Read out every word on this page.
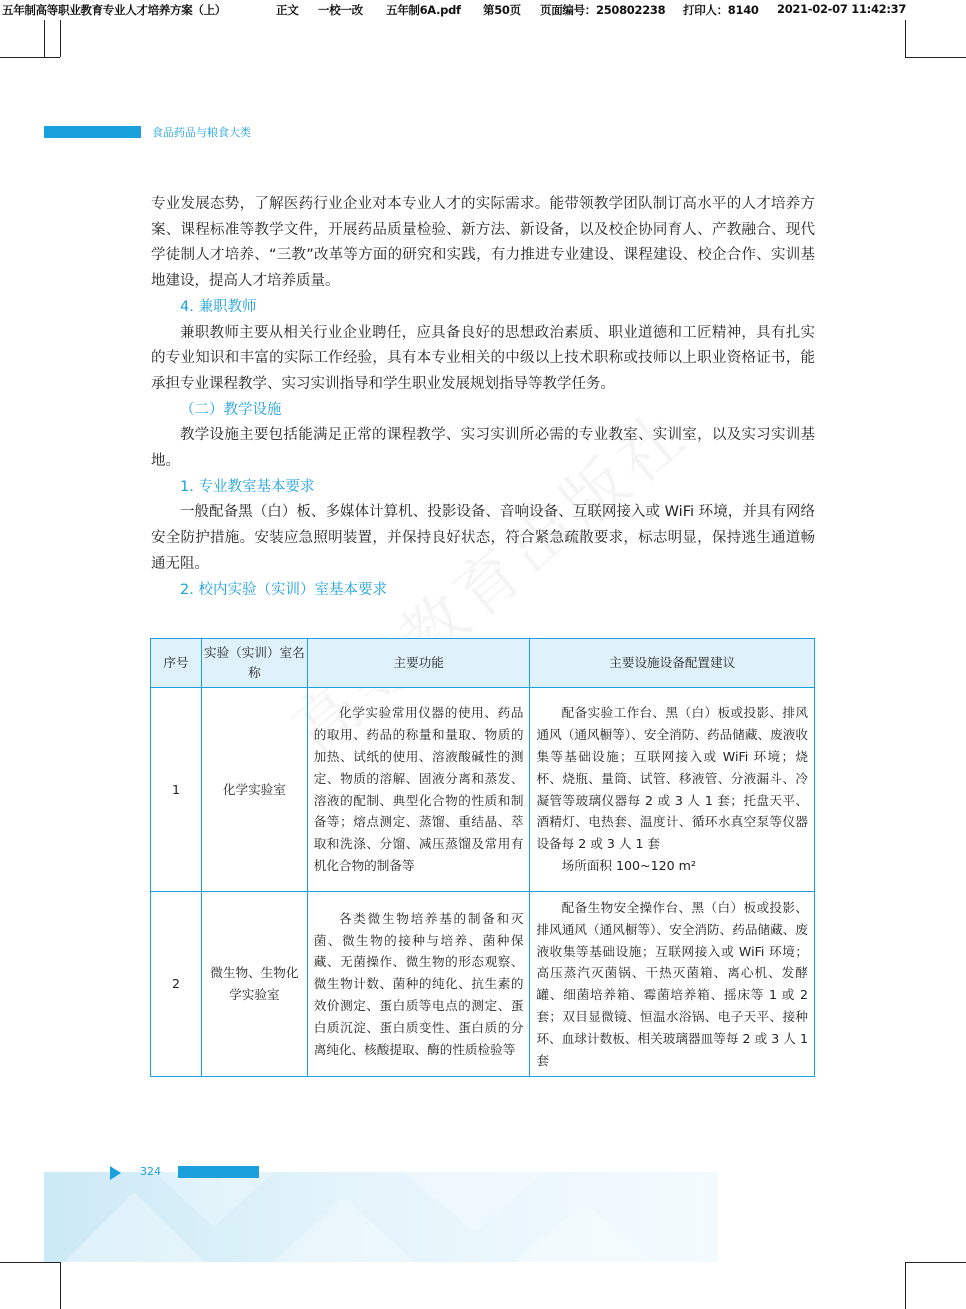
五年制高等职业教育专业人才培养方案（上）	正文 一校一改 五年制6A.pdf 第50页 页面编号：250802238 打印人：8140 2021-02-07 11:42:37
食品药品与粮食大类

专业发展态势，了解医药行业企业对本专业人才的实际需求。能带领教学团队制订高水平的人才培养方案、课程标准等教学文件，开展药品质量检验、新方法、新设备，以及校企协同育人、产教融合、现代学徒制人才培养、“三教”改革等方面的研究和实践，有力推进专业建设、课程建设、校企合作、实训基地建设，提高人才培养质量。

4. 兼职教师

兼职教师主要从相关行业企业聘任，应具备良好的思想政治素质、职业道德和工匠精神，具有扎实的专业知识和丰富的实际工作经验，具有本专业相关的中级以上技术职称或技师以上职业资格证书，能承担专业课程教学、实习实训指导和学生职业发展规划指导等教学任务。

（二）教学设施

教学设施主要包括能满足正常的课程教学、实习实训所必需的专业教室、实训室，以及实习实训基地。

1. 专业教室基本要求

一般配备黑（白）板、多媒体计算机、投影设备、音响设备、互联网接入或 WiFi 环境，并具有网络安全防护措施。安装应急照明装置，并保持良好状态，符合紧急疏散要求，标志明显，保持逃生通道畅通无阻。

2. 校内实验（实训）室基本要求

序号	实验（实训）室名称	主要功能	主要设施设备配置建议
1	化学实验室	化学实验常用仪器的使用、药品的取用、药品的称量和量取、物质的加热、试纸的使用、溶液酸碱性的测定、物质的溶解、固液分离和蒸发、溶液的配制、典型化合物的性质和制备等；熔点测定、蒸馏、重结晶、萃取和洗涤、分馏、减压蒸馏及常用有机化合物的制备等	配备实验工作台、黑（白）板或投影、排风通风（通风橱等）、安全消防、药品储藏、废液收集等基础设施；互联网接入或 WiFi 环境；烧杯、烧瓶、量筒、试管、移液管、分液漏斗、冷凝管等玻璃仪器每 2 或 3 人 1 套；托盘天平、酒精灯、电热套、温度计、循环水真空泵等仪器设备每 2 或 3 人 1 套
场所面积 100~120 m²

2	微生物、生物化学实验室	各类微生物培养基的制备和灭菌、微生物的接种与培养、菌种保藏、无菌操作、微生物的形态观察、微生物计数、菌种的纯化、抗生素的效价测定、蛋白质等电点的测定、蛋白质沉淀、蛋白质变性、蛋白质的分离纯化、核酸提取、酶的性质检验等	配备生物安全操作台、黑（白）板或投影、排风通风（通风橱等）、安全消防、药品储藏、废液收集等基础设施；互联网接入或 WiFi 环境；高压蒸汽灭菌锅、干热灭菌箱、离心机、发酵罐、细菌培养箱、霉菌培养箱、摇床等 1 或 2 套；双目显微镜、恒温水浴锅、电子天平、接种环、血球计数板、相关玻璃器皿等每 2 或 3 人 1 套
324
